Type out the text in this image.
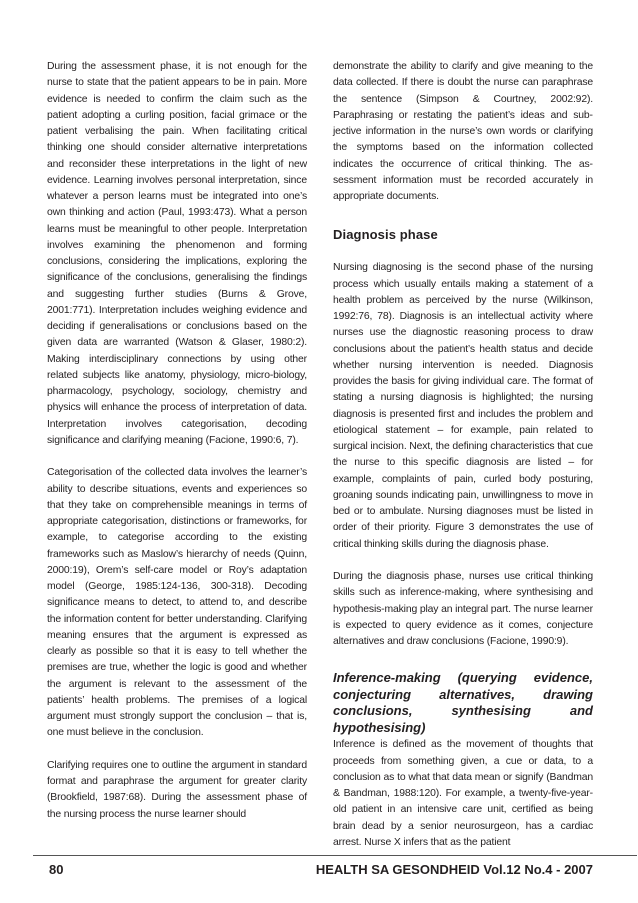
During the assessment phase, it is not enough for the nurse to state that the patient appears to be in pain. More evidence is needed to confirm the claim such as the patient adopting a curling position, facial grimace or the patient verbalising the pain. When facilitating critical thinking one should consider alternative interpretations and reconsider these interpretations in the light of new evidence. Learning involves personal interpretation, since whatever a person learns must be integrated into one’s own thinking and action (Paul, 1993:473). What a person learns must be meaningful to other people. Interpretation involves examining the phenomenon and forming conclusions, considering the implications, exploring the significance of the conclusions, generalising the findings and suggesting further studies (Burns & Grove, 2001:771). Interpretation includes weighing evidence and deciding if generalisations or conclusions based on the given data are warranted (Watson & Glaser, 1980:2). Making interdisciplinary connections by using other related subjects like anatomy, physiology, micro-biology, pharmacology, psychology, sociology, chemistry and physics will enhance the process of interpretation of data. Interpretation involves categorisation, decoding significance and clarifying meaning (Facione, 1990:6, 7).

Categorisation of the collected data involves the learner’s ability to describe situations, events and experiences so that they take on comprehensible meanings in terms of appropriate categorisation, distinctions or frameworks, for example, to categorise according to the existing frameworks such as Maslow’s hierarchy of needs (Quinn, 2000:19), Orem’s self-care model or Roy’s adaptation model (George, 1985:124-136, 300-318). Decoding significance means to detect, to attend to, and describe the information content for better understanding. Clarifying meaning ensures that the argument is expressed as clearly as possible so that it is easy to tell whether the premises are true, whether the logic is good and whether the argument is relevant to the assessment of the patients’ health problems. The premises of a logical argument must strongly support the conclusion – that is, one must believe in the conclusion.

Clarifying requires one to outline the argument in standard format and paraphrase the argument for greater clarity (Brookfield, 1987:68). During the assessment phase of the nursing process the nurse learner should

demonstrate the ability to clarify and give meaning to the data collected. If there is doubt the nurse can paraphrase the sentence (Simpson & Courtney, 2002:92). Paraphrasing or restating the patient’s ideas and subjective information in the nurse’s own words or clarifying the symptoms based on the information collected indicates the occurrence of critical thinking. The assessment information must be recorded accurately in appropriate documents.

Diagnosis phase

Nursing diagnosing is the second phase of the nursing process which usually entails making a statement of a health problem as perceived by the nurse (Wilkinson, 1992:76, 78). Diagnosis is an intellectual activity where nurses use the diagnostic reasoning process to draw conclusions about the patient’s health status and decide whether nursing intervention is needed. Diagnosis provides the basis for giving individual care. The format of stating a nursing diagnosis is highlighted; the nursing diagnosis is presented first and includes the problem and etiological statement – for example, pain related to surgical incision. Next, the defining characteristics that cue the nurse to this specific diagnosis are listed – for example, complaints of pain, curled body posturing, groaning sounds indicating pain, unwillingness to move in bed or to ambulate. Nursing diagnoses must be listed in order of their priority. Figure 3 demonstrates the use of critical thinking skills during the diagnosis phase.

During the diagnosis phase, nurses use critical thinking skills such as inference-making, where synthesising and hypothesis-making play an integral part. The nurse learner is expected to query evidence as it comes, conjecture alternatives and draw conclusions (Facione, 1990:9).

Inference-making (querying evidence, conjecturing alternatives, drawing conclusions, synthesising and hypothesising)

Inference is defined as the movement of thoughts that proceeds from something given, a cue or data, to a conclusion as to what that data mean or signify (Bandman & Bandman, 1988:120). For example, a twenty-five-year-old patient in an intensive care unit, certified as being brain dead by a senior neurosurgeon, has a cardiac arrest. Nurse X infers that as the patient

80	HEALTH SA GESONDHEID Vol.12 No.4 - 2007
